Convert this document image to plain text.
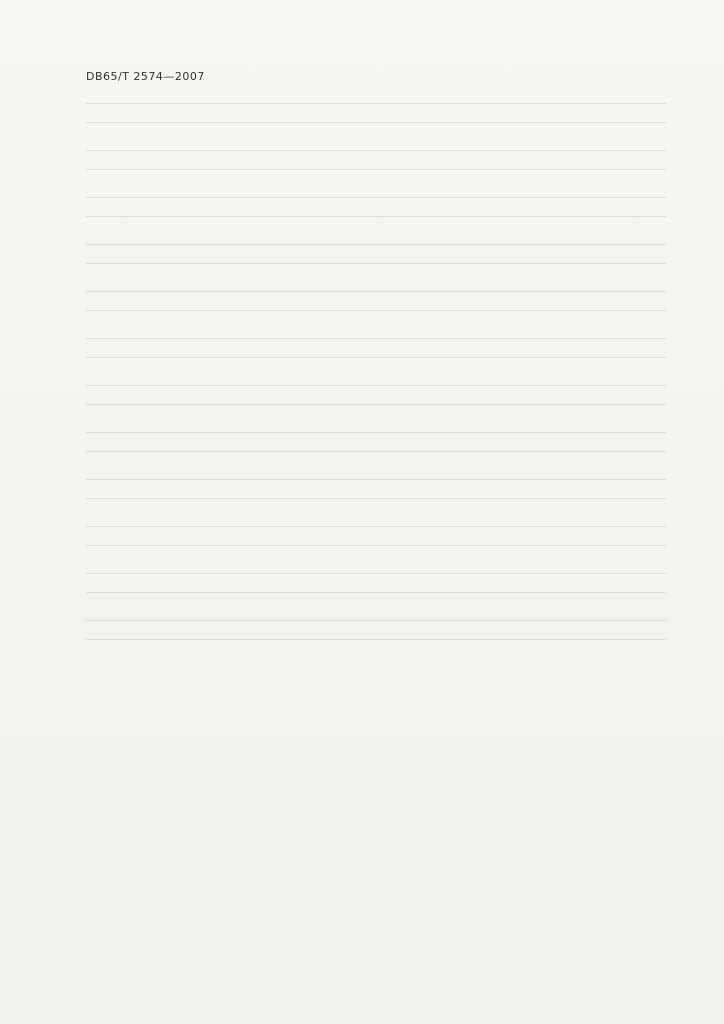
DB65/T 2574—2007
